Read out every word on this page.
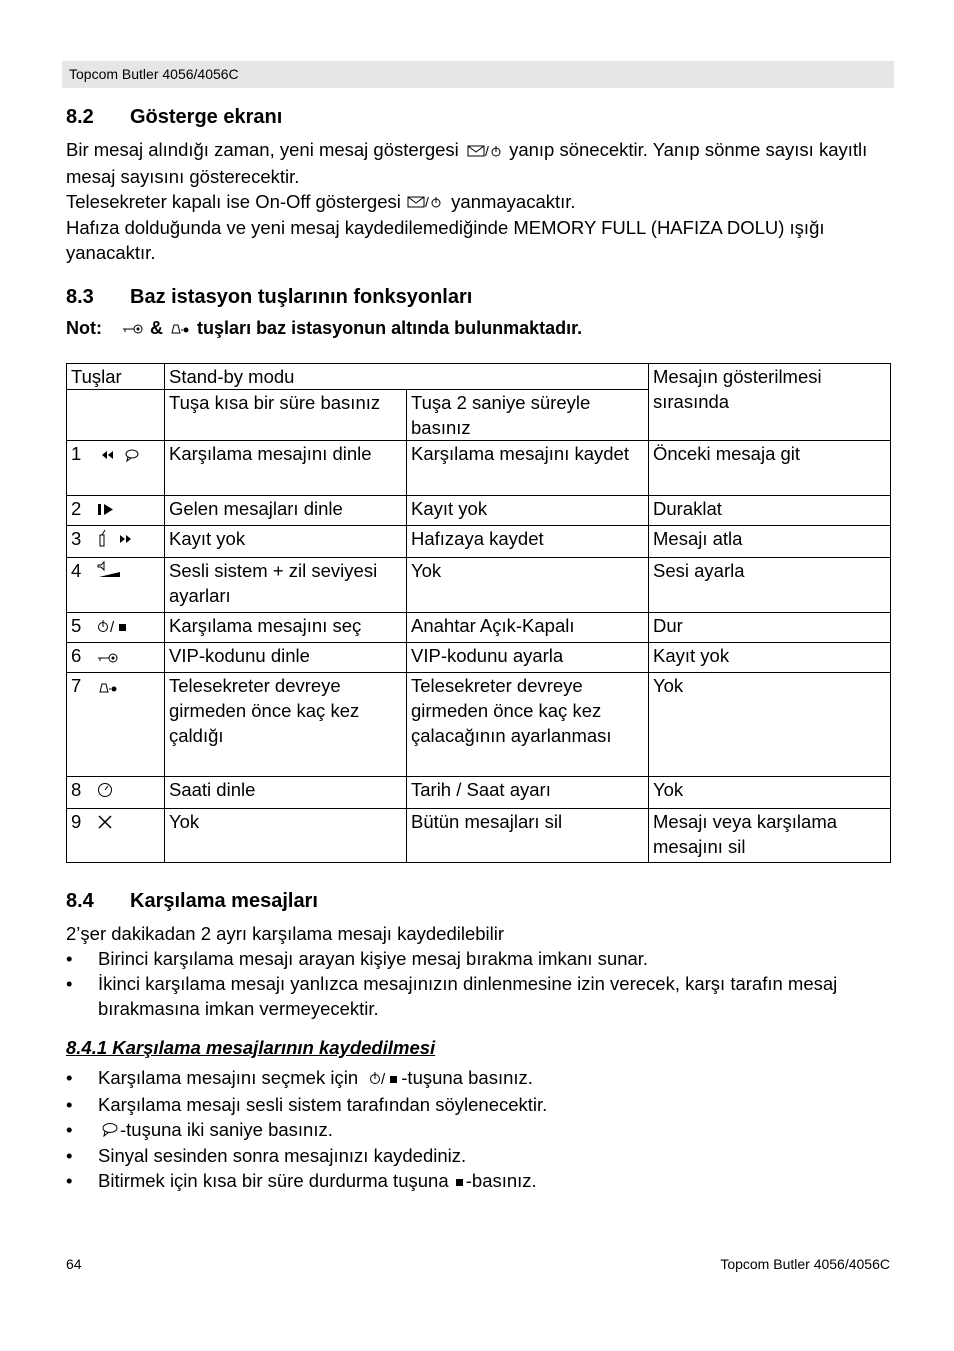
Topcom Butler 4056/4056C
8.2 Gösterge ekranı
Bir mesaj alındığı zaman, yeni mesaj göstergesi / yanıp sönecektir. Yanıp sönme sayısı kayıtlı mesaj sayısını gösterecektir.
Telesekreter kapalı ise On-Off göstergesi / yanmayacaktır.
Hafıza dolduğunda ve yeni mesaj kaydedilemediğinde MEMORY FULL (HAFIZA DOLU) ışığı yanacaktır.
8.3 Baz istasyon tuşlarının fonksyonları
Not:	& tuşları baz istasyonun altında bulunmaktadır.
Tuşlar	Stand-by modu		Mesajın gösterilmesi sırasında
	Tuşa kısa bir süre basınız	Tuşa 2 saniye süreyle basınız	
1	Karşılama mesajını dinle	Karşılama mesajını kaydet	Önceki mesaja git
2	Gelen mesajları dinle	Kayıt yok	Duraklat
3	Kayıt yok	Hafızaya kaydet	Mesajı atla
4	Sesli sistem + zil seviyesi ayarları	Yok	Sesi ayarla
5 /	Karşılama mesajını seç	Anahtar Açık-Kapalı	Dur
6	VIP-kodunu dinle	VIP-kodunu ayarla	Kayıt yok
7	Telesekreter devreye girmeden önce kaç kez çaldığı	Telesekreter devreye girmeden önce kaç kez çalacağının ayarlanması	Yok
8	Saati dinle	Tarih / Saat ayarı	Yok
9	Yok	Bütün mesajları sil	Mesajı veya karşılama mesajını sil
8.4 Karşılama mesajları
2’şer dakikadan 2 ayrı karşılama mesajı kaydedilebilir
• Birinci karşılama mesajı arayan kişiye mesaj bırakma imkanı sunar.
• İkinci karşılama mesajı yanlızca mesajınızın dinlenmesine izin verecek, karşı tarafın mesaj bırakmasına imkan vermeyecektir.
8.4.1 Karşılama mesajlarının kaydedilmesi
• Karşılama mesajını seçmek için / -tuşuna basınız.
• Karşılama mesajı sesli sistem tarafından söylenecektir.
• -tuşuna iki saniye basınız.
• Sinyal sesinden sonra mesajınızı kaydediniz.
• Bitirmek için kısa bir süre durdurma tuşuna -basınız.
64	Topcom Butler 4056/4056C
